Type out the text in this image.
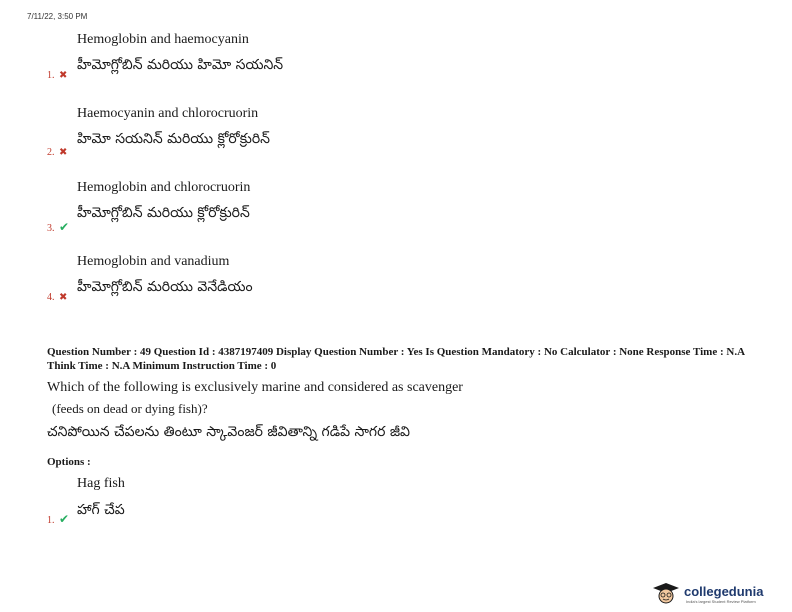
7/11/22, 3:50 PM
Hemoglobin and haemocyanin
హీమోగ్లోబిన్ మరియు హిమో సయనిన్
1. ✖
Haemocyanin and chlorocruorin
హిమో సయనిన్ మరియు క్లోరోక్రురిన్
2. ✖
Hemoglobin and chlorocruorin
హీమోగ్లోబిన్ మరియు క్లోరోక్రురిన్
3. ✔
Hemoglobin and vanadium
హీమోగ్లోబిన్ మరియు వెనేడియం
4. ✖
Question Number : 49 Question Id : 4387197409 Display Question Number : Yes Is Question Mandatory : No Calculator : None Response Time : N.A Think Time : N.A Minimum Instruction Time : 0
Which of the following is exclusively marine and considered as scavenger
(feeds on dead or dying fish)?
చనిపోయిన చేపలను తింటూ స్కావెంజర్ జీవితాన్ని గడిపే సాగర జీవి
Options :
Hag fish
హాగ్ చేప
1. ✔
collegedunia
India's largest Student Review Platform
